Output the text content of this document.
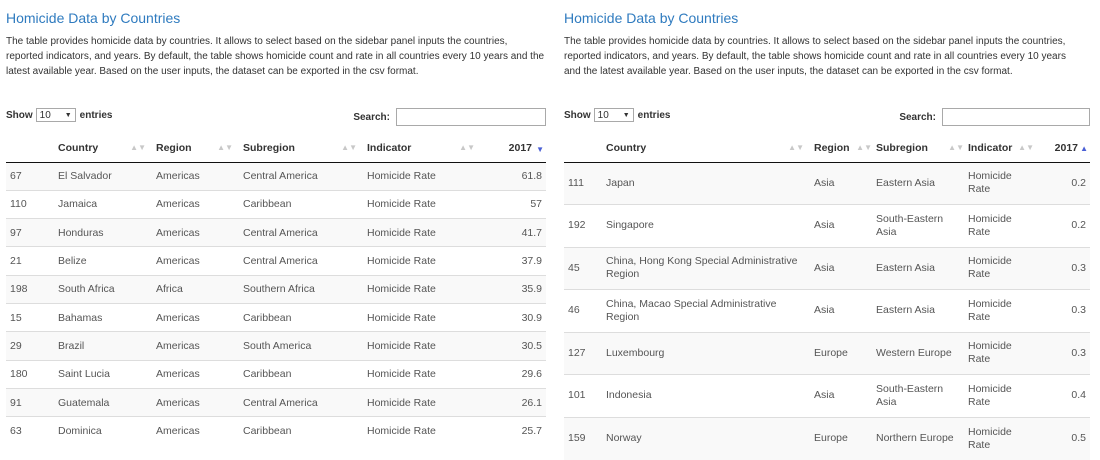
Homicide Data by Countries
The table provides homicide data by countries. It allows to select based on the sidebar panel inputs the countries, reported indicators, and years. By default, the table shows homicide count and rate in all countries every 10 years and the latest available year. Based on the user inputs, the dataset can be exported in the csv format.
Show 10 ▼ entries	Search:
	Country ▲▼	Region ▲▼	Subregion ▲▼	Indicator ▲▼	2017 ▼

67	El Salvador	Americas	Central America	Homicide Rate	61.8
110	Jamaica	Americas	Caribbean	Homicide Rate	57
97	Honduras	Americas	Central America	Homicide Rate	41.7
21	Belize	Americas	Central America	Homicide Rate	37.9
198	South Africa	Africa	Southern Africa	Homicide Rate	35.9
15	Bahamas	Americas	Caribbean	Homicide Rate	30.9
29	Brazil	Americas	South America	Homicide Rate	30.5
180	Saint Lucia	Americas	Caribbean	Homicide Rate	29.6
91	Guatemala	Americas	Central America	Homicide Rate	26.1
63	Dominica	Americas	Caribbean	Homicide Rate	25.7
Homicide Data by Countries
The table provides homicide data by countries. It allows to select based on the sidebar panel inputs the countries, reported indicators, and years. By default, the table shows homicide count and rate in all countries every 10 years and the latest available year. Based on the user inputs, the dataset can be exported in the csv format.
Show 10 ▼ entries	Search:
	Country ▲▼	Region ▲▼	Subregion ▲▼	Indicator ▲▼	2017 ▲

111	Japan	Asia	Eastern Asia	Homicide Rate	0.2
192	Singapore	Asia	South-Eastern Asia	Homicide Rate	0.2
45	China, Hong Kong Special Administrative Region	Asia	Eastern Asia	Homicide Rate	0.3
46	China, Macao Special Administrative Region	Asia	Eastern Asia	Homicide Rate	0.3
127	Luxembourg	Europe	Western Europe	Homicide Rate	0.3
101	Indonesia	Asia	South-Eastern Asia	Homicide Rate	0.4
159	Norway	Europe	Northern Europe	Homicide Rate	0.5
